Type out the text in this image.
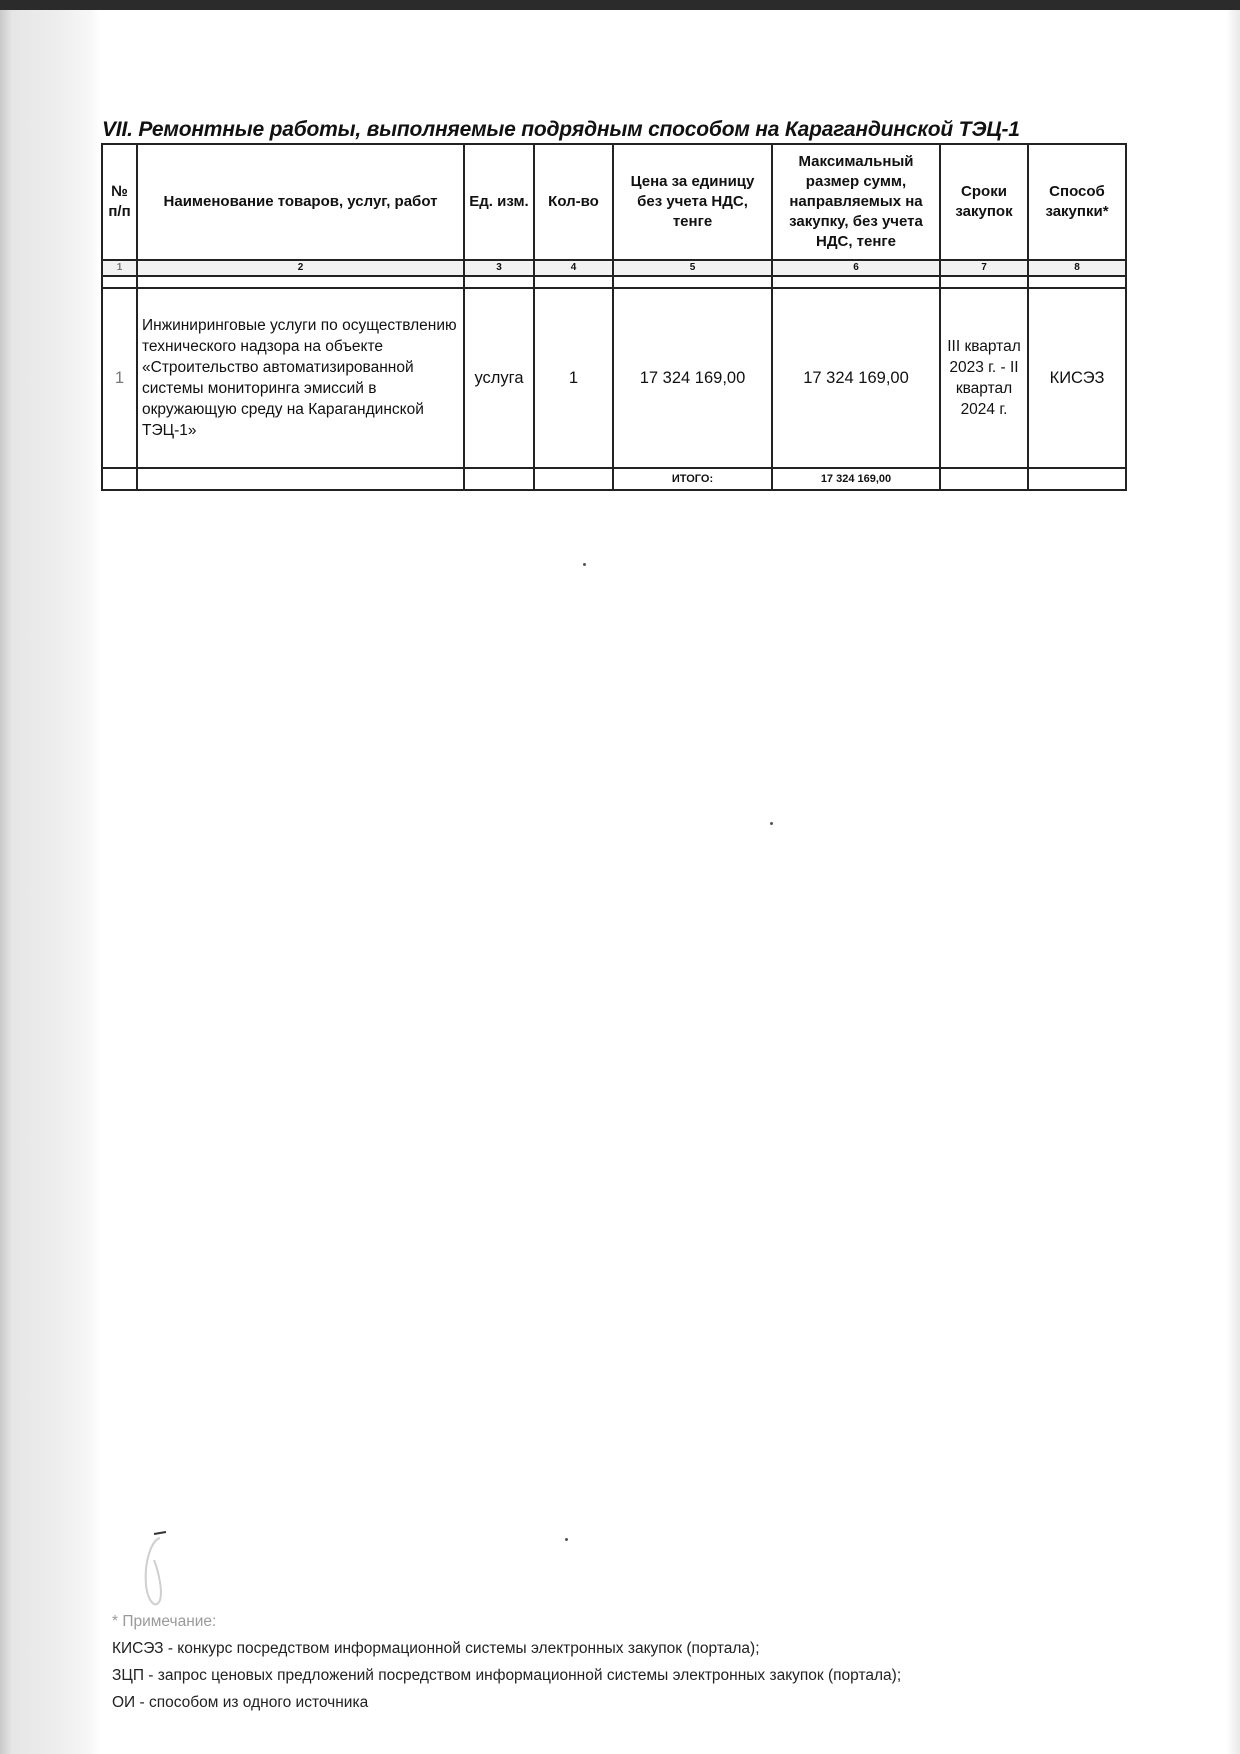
VII. Ремонтные работы, выполняемые подрядным способом на Карагандинской ТЭЦ-1
№ п/п	Наименование товаров, услуг, работ	Ед. изм.	Кол-во	Цена за единицу без учета НДС, тенге	Максимальный размер сумм, направляемых на закупку, без учета НДС, тенге	Сроки закупок	Способ закупки*
1	2	3	4	5	6	7	8

1	Инжиниринговые услуги по осуществлению технического надзора на объекте «Строительство автоматизированной системы мониторинга эмиссий в окружающую среду на Карагандинской ТЭЦ-1»	услуга	1	17 324 169,00	17 324 169,00	III квартал 2023 г. - II квартал 2024 г.	КИСЭЗ
				ИТОГО:	17 324 169,00		
* Примечание:
КИСЭЗ - конкурс посредством информационной системы электронных закупок (портала);
ЗЦП - запрос ценовых предложений посредством информационной системы электронных закупок (портала);
ОИ - способом из одного источника
